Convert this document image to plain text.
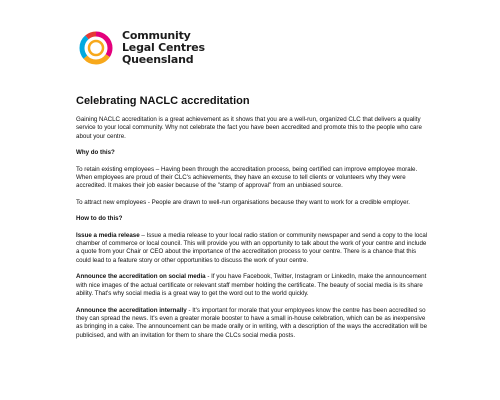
Community
Legal Centres
Queensland
Celebrating NACLC accreditation

Gaining NACLC accreditation is a great achievement as it shows that you are a well-run, organized CLC that delivers a quality service to your local community. Why not celebrate the fact you have been accredited and promote this to the people who care about your centre.

Why do this?

To retain existing employees – Having been through the accreditation process, being certified can improve employee morale. When employees are proud of their CLC's achievements, they have an excuse to tell clients or volunteers why they were accredited. It makes their job easier because of the "stamp of approval" from an unbiased source.

To attract new employees - People are drawn to well-run organisations because they want to work for a credible employer.

How to do this?

Issue a media release – Issue a media release to your local radio station or community newspaper and send a copy to the local chamber of commerce or local council. This will provide you with an opportunity to talk about the work of your centre and include a quote from your Chair or CEO about the importance of the accreditation process to your centre. There is a chance that this could lead to a feature story or other opportunities to discuss the work of your centre.

Announce the accreditation on social media - If you have Facebook, Twitter, Instagram or LinkedIn, make the announcement with nice images of the actual certificate or relevant staff member holding the certificate. The beauty of social media is its share ability. That's why social media is a great way to get the word out to the world quickly.

Announce the accreditation internally - It's important for morale that your employees know the centre has been accredited so they can spread the news. It's even a greater morale booster to have a small in-house celebration, which can be as inexpensive as bringing in a cake. The announcement can be made orally or in writing, with a description of the ways the accreditation will be publicised, and with an invitation for them to share the CLCs social media posts.
